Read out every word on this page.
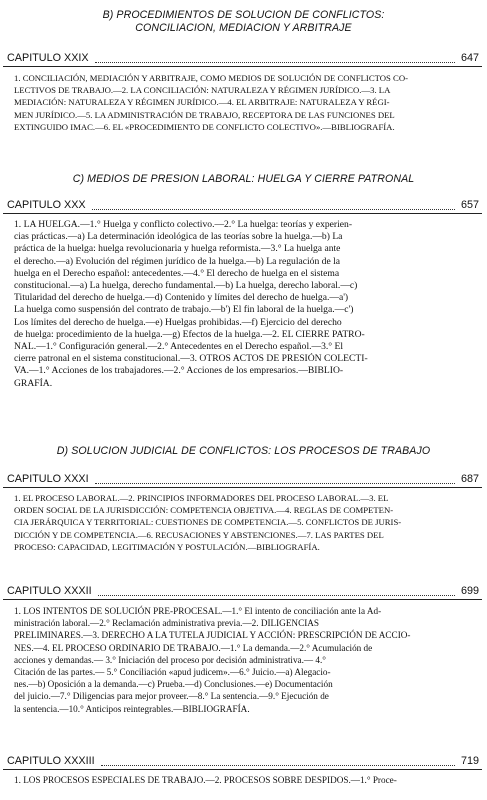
B) PROCEDIMIENTOS DE SOLUCION DE CONFLICTOS:
CONCILIACION, MEDIACION Y ARBITRAJE
CAPITULO XXIX	647
1. CONCILIACIÓN, MEDIACIÓN Y ARBITRAJE, COMO MEDIOS DE SOLUCIÓN DE CONFLICTOS CO-
LECTIVOS DE TRABAJO.—2. LA CONCILIACIÓN: NATURALEZA Y RÉGIMEN JURÍDICO.—3. LA
MEDIACIÓN: NATURALEZA Y RÉGIMEN JURÍDICO.—4. EL ARBITRAJE: NATURALEZA Y RÉGI-
MEN JURÍDICO.—5. LA ADMINISTRACIÓN DE TRABAJO, RECEPTORA DE LAS FUNCIONES DEL
EXTINGUIDO IMAC.—6. EL «PROCEDIMIENTO DE CONFLICTO COLECTIVO».—BIBLIOGRAFÍA.
C) MEDIOS DE PRESION LABORAL: HUELGA Y CIERRE PATRONAL
CAPITULO XXX	657
1. LA HUELGA.—1.° Huelga y conflicto colectivo.—2.° La huelga: teorías y experien-
cias prácticas.—a) La determinación ideológica de las teorías sobre la huelga.—b) La
práctica de la huelga: huelga revolucionaria y huelga reformista.—3.° La huelga ante
el derecho.—a) Evolución del régimen jurídico de la huelga.—b) La regulación de la
huelga en el Derecho español: antecedentes.—4.° El derecho de huelga en el sistema
constitucional.—a) La huelga, derecho fundamental.—b) La huelga, derecho laboral.—c)
Titularidad del derecho de huelga.—d) Contenido y límites del derecho de huelga.—a')
La huelga como suspensión del contrato de trabajo.—b') El fin laboral de la huelga.—c')
Los límites del derecho de huelga.—e) Huelgas prohibidas.—f) Ejercicio del derecho
de huelga: procedimiento de la huelga.—g) Efectos de la huelga.—2. EL CIERRE PATRO-
NAL.—1.° Configuración general.—2.° Antecedentes en el Derecho español.—3.° El
cierre patronal en el sistema constitucional.—3. OTROS ACTOS DE PRESIÓN COLECTI-
VA.—1.° Acciones de los trabajadores.—2.° Acciones de los empresarios.—BIBLIO-
GRAFÍA.
D) SOLUCION JUDICIAL DE CONFLICTOS: LOS PROCESOS DE TRABAJO
CAPITULO XXXI	687
1. EL PROCESO LABORAL.—2. PRINCIPIOS INFORMADORES DEL PROCESO LABORAL.—3. EL
ORDEN SOCIAL DE LA JURISDICCIÓN: COMPETENCIA OBJETIVA.—4. REGLAS DE COMPETEN-
CIA JERÁRQUICA Y TERRITORIAL: CUESTIONES DE COMPETENCIA.—5. CONFLICTOS DE JURIS-
DICCIÓN Y DE COMPETENCIA.—6. RECUSACIONES Y ABSTENCIONES.—7. LAS PARTES DEL
PROCESO: CAPACIDAD, LEGITIMACIÓN Y POSTULACIÓN.—BIBLIOGRAFÍA.
CAPITULO XXXII	699
1. LOS INTENTOS DE SOLUCIÓN PRE-PROCESAL.—1.° El intento de conciliación ante la Ad-
ministración laboral.—2.° Reclamación administrativa previa.—2. DILIGENCIAS
PRELIMINARES.—3. DERECHO A LA TUTELA JUDICIAL Y ACCIÓN: PRESCRIPCIÓN DE ACCIO-
NES.—4. EL PROCESO ORDINARIO DE TRABAJO.—1.° La demanda.—2.° Acumulación de
acciones y demandas.— 3.° Iniciación del proceso por decisión administrativa.— 4.°
Citación de las partes.— 5.° Conciliación «apud judicem».—6.° Juicio.—a) Alegacio-
nes.—b) Oposición a la demanda.—c) Prueba.—d) Conclusiones.—e) Documentación
del juicio.—7.° Diligencias para mejor proveer.—8.° La sentencia.—9.° Ejecución de
la sentencia.—10.° Anticipos reintegrables.—BIBLIOGRAFÍA.
CAPITULO XXXIII	719
1. LOS PROCESOS ESPECIALES DE TRABAJO.—2. PROCESOS SOBRE DESPIDOS.—1.° Proce-
